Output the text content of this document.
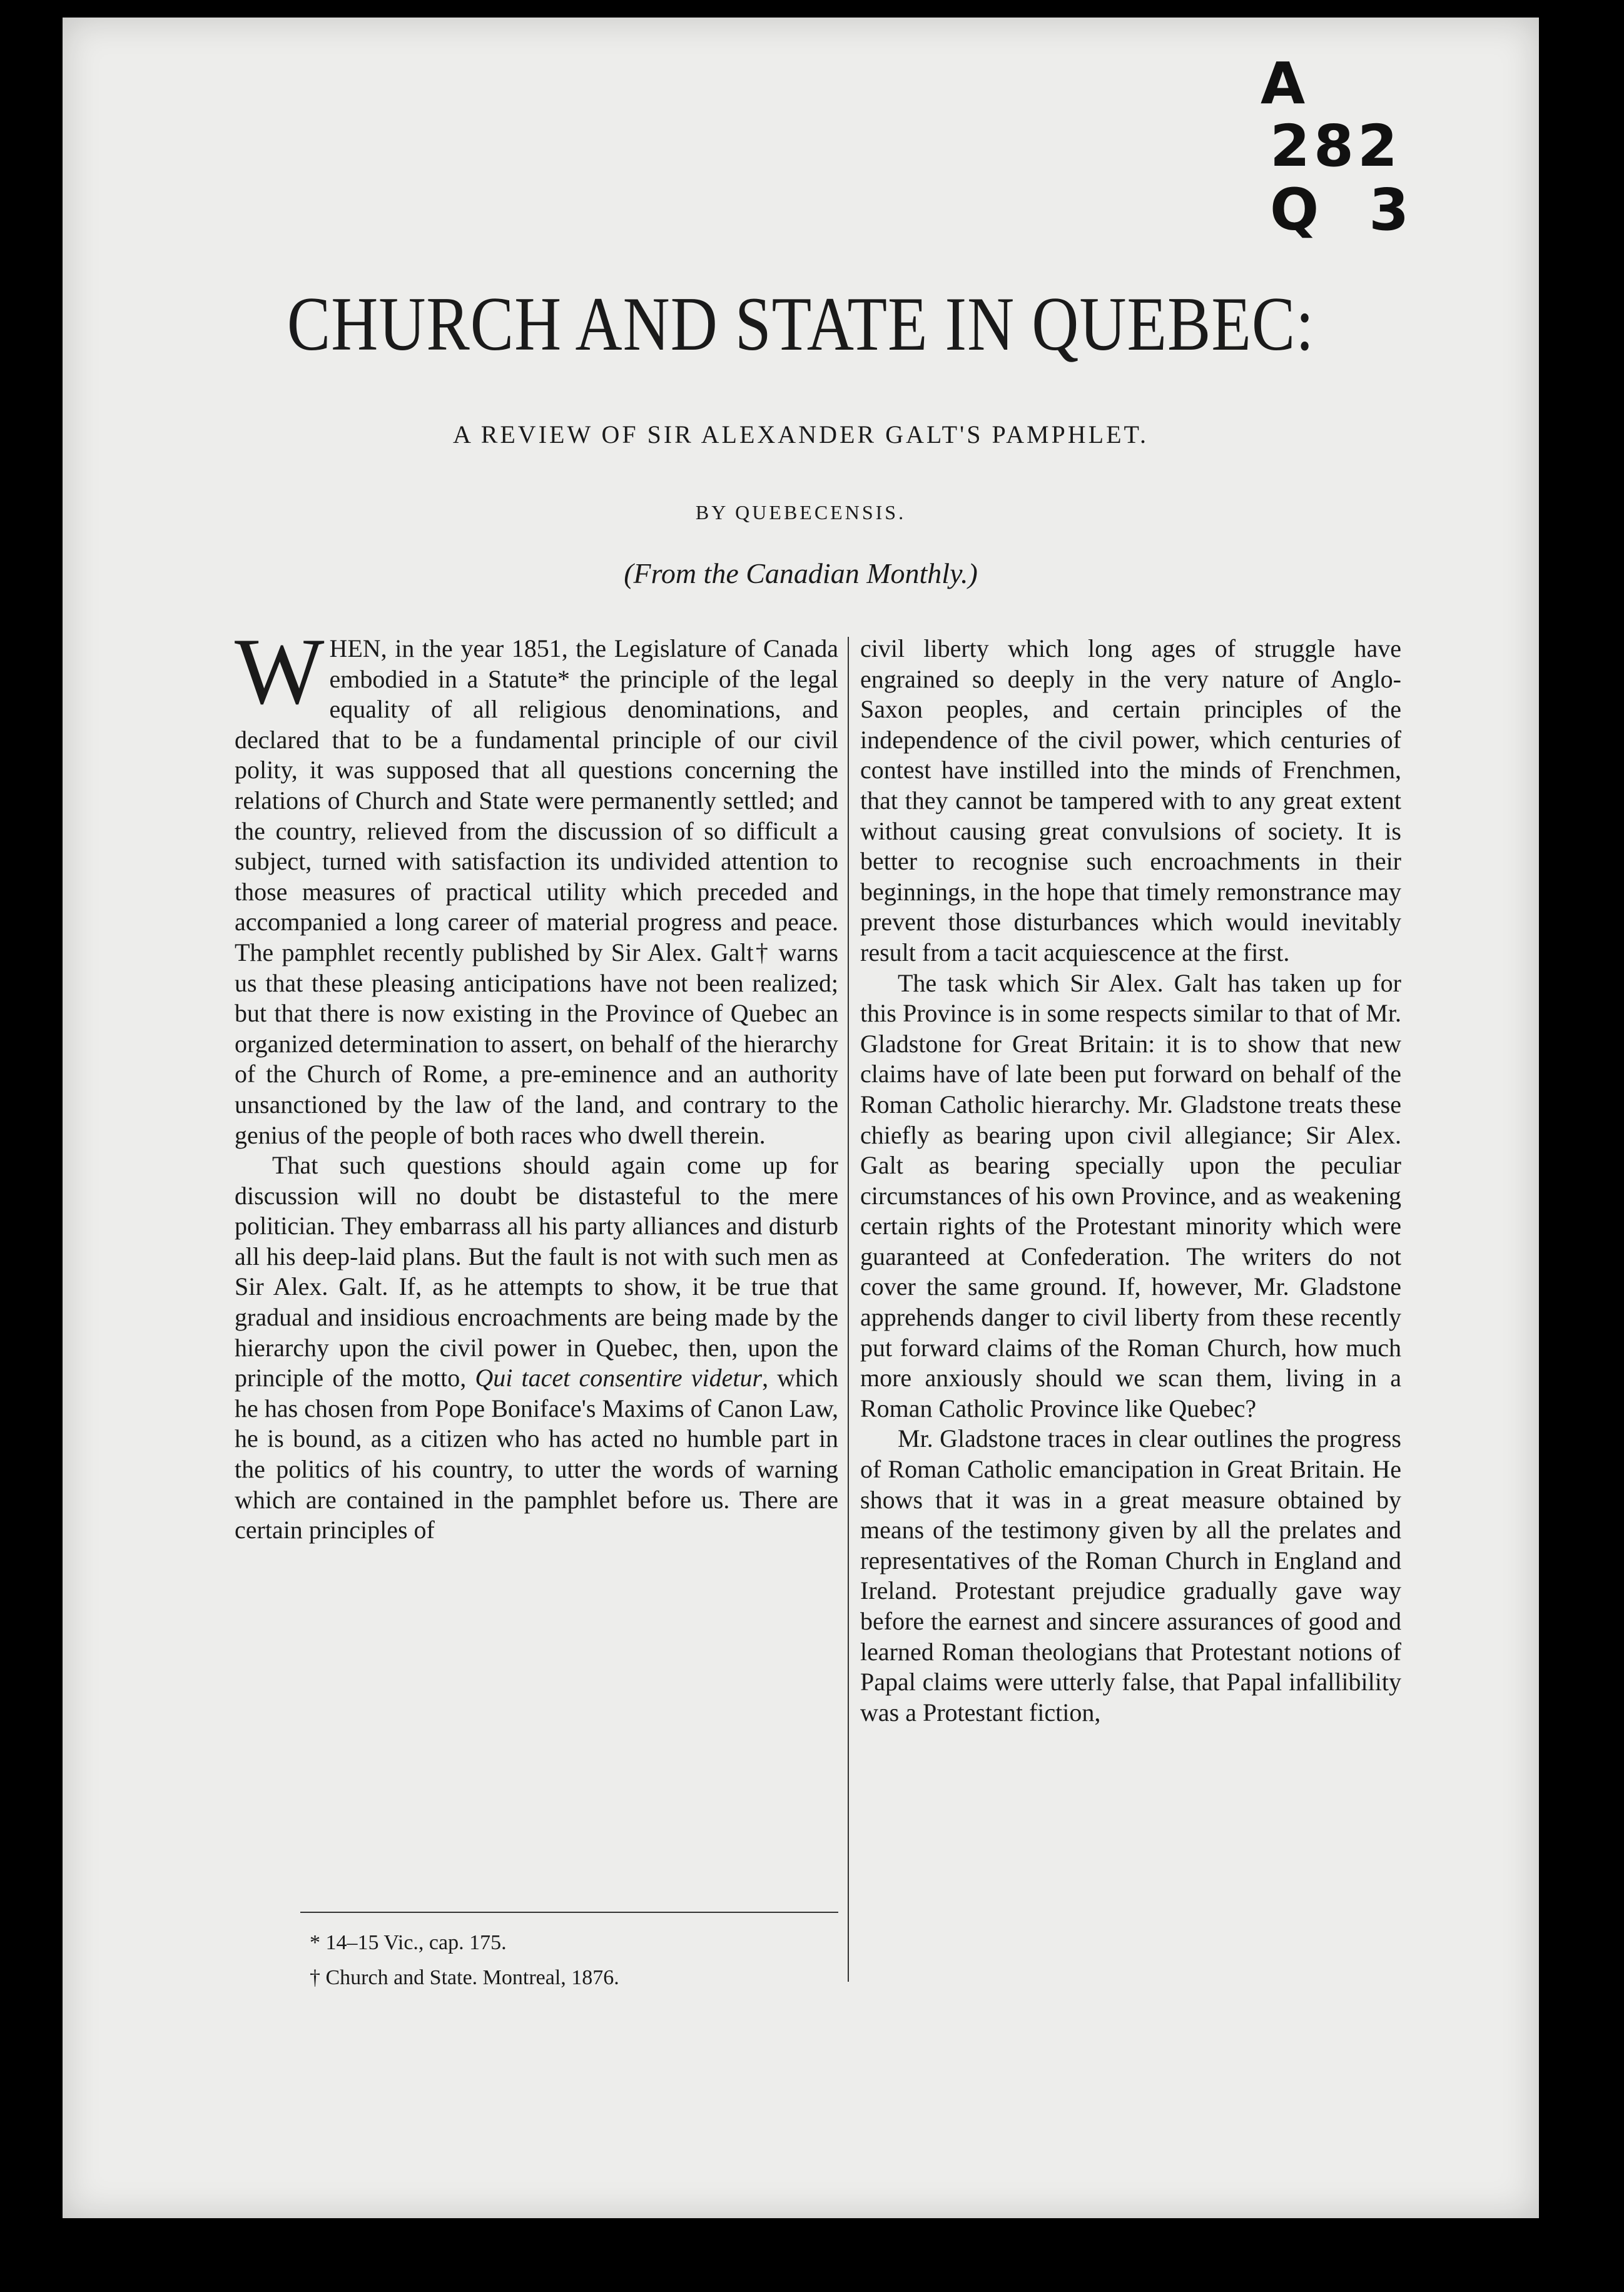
A
282
Q 3
CHURCH AND STATE IN QUEBEC:
A REVIEW OF SIR ALEXANDER GALT'S PAMPHLET.
BY QUEBECENSIS.
(From the Canadian Monthly.)

WHEN, in the year 1851, the Legislature of Canada embodied in a Statute* the principle of the legal equality of all religious denominations, and declared that to be a fundamental principle of our civil polity, it was supposed that all questions concerning the relations of Church and State were permanently settled; and the country, relieved from the discussion of so difficult a subject, turned with satisfaction its undivided attention to those measures of practical utility which preceded and accompanied a long career of material progress and peace. The pamphlet recently published by Sir Alex. Galt† warns us that these pleasing anticipations have not been realized; but that there is now existing in the Province of Quebec an organized determination to assert, on behalf of the hierarchy of the Church of Rome, a pre-eminence and an authority unsanctioned by the law of the land, and contrary to the genius of the people of both races who dwell therein.

That such questions should again come up for discussion will no doubt be distasteful to the mere politician. They embarrass all his party alliances and disturb all his deep-laid plans. But the fault is not with such men as Sir Alex. Galt. If, as he attempts to show, it be true that gradual and insidious encroachments are being made by the hierarchy upon the civil power in Quebec, then, upon the principle of the motto, Qui tacet consentire videtur, which he has chosen from Pope Boniface's Maxims of Canon Law, he is bound, as a citizen who has acted no humble part in the politics of his country, to utter the words of warning which are contained in the pamphlet before us. There are certain principles of

civil liberty which long ages of struggle have engrained so deeply in the very nature of Anglo-Saxon peoples, and certain principles of the independence of the civil power, which centuries of contest have instilled into the minds of Frenchmen, that they cannot be tampered with to any great extent without causing great convulsions of society. It is better to recognise such encroachments in their beginnings, in the hope that timely remonstrance may prevent those disturbances which would inevitably result from a tacit acquiescence at the first.

The task which Sir Alex. Galt has taken up for this Province is in some respects similar to that of Mr. Gladstone for Great Britain: it is to show that new claims have of late been put forward on behalf of the Roman Catholic hierarchy. Mr. Gladstone treats these chiefly as bearing upon civil allegiance; Sir Alex. Galt as bearing specially upon the peculiar circumstances of his own Province, and as weakening certain rights of the Protestant minority which were guaranteed at Confederation. The writers do not cover the same ground. If, however, Mr. Gladstone apprehends danger to civil liberty from these recently put forward claims of the Roman Church, how much more anxiously should we scan them, living in a Roman Catholic Province like Quebec?

Mr. Gladstone traces in clear outlines the progress of Roman Catholic emancipation in Great Britain. He shows that it was in a great measure obtained by means of the testimony given by all the prelates and representatives of the Roman Church in England and Ireland. Protestant prejudice gradually gave way before the earnest and sincere assurances of good and learned Roman theologians that Protestant notions of Papal claims were utterly false, that Papal infallibility was a Protestant fiction,

* 14–15 Vic., cap. 175.
† Church and State. Montreal, 1876.
